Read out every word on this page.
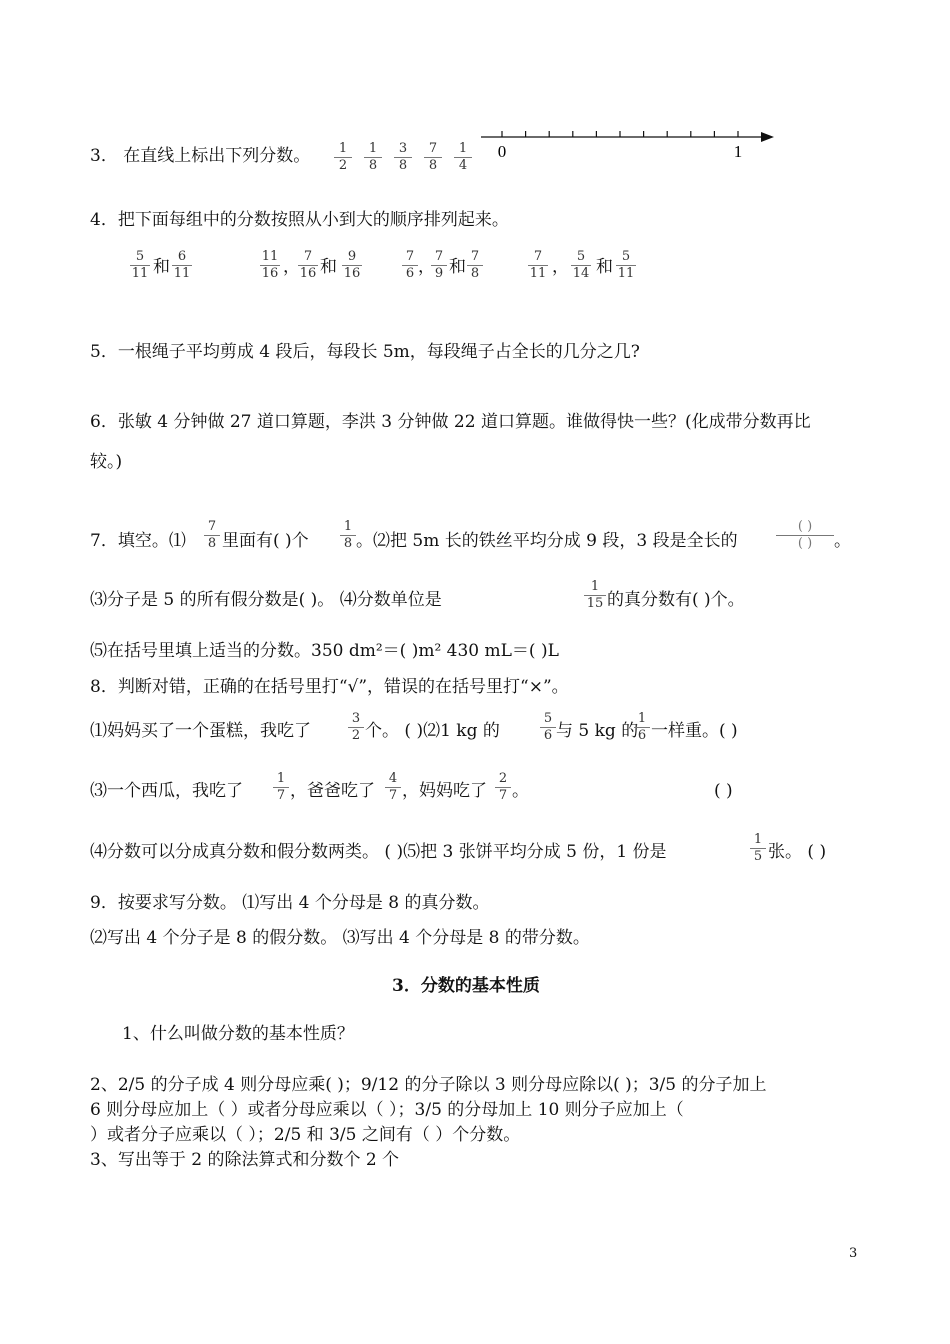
3． 在直线上标出下列分数。	1
2
1
8
3
8
7
8
1
4
0	1
4．把下面每组中的分数按照从小到大的顺序排列起来。
5
11 和
6
11
11
16 ，
7
16 和
9
16
7
6 ，
7
9 和
7
8
7
11 ，
5
14 和
5
11
5．一根绳子平均剪成 4 段后，每段长 5m，每段绳子占全长的几分之几?
6．张敏 4 分钟做 27 道口算题，李洪 3 分钟做 22 道口算题。谁做得快一些？(化成带分数再比
较。)
7．填空。⑴ 里面有( )个	。⑵把 5m 长的铁丝平均分成 9 段，3 段是全长的
( )
( )	。
⑶分子是 5 的所有假分数是( )。 ⑷分数单位是	的真分数有( )个。
⑸在括号里填上适当的分数。350 dm²＝( )m² 430 mL＝( )L
8．判断对错，正确的在括号里打“√”，错误的在括号里打“×”。
⑴妈妈买了一个蛋糕，我吃了	个。 ( )⑵1 kg 的	与 5 kg 的 一样重。( )
⑶一个西瓜，我吃了	，爸爸吃了 ，妈妈吃了 。	( )
⑷分数可以分成真分数和假分数两类。 ( )⑸把 3 张饼平均分成 5 份，1 份是	张。 ( )
7
8
1
8
1
15
3
2
5
6
1
6
1
7
4
7
2
7
1
5
9．按要求写分数。 ⑴写出 4 个分母是 8 的真分数。
⑵写出 4 个分子是 8 的假分数。 ⑶写出 4 个分母是 8 的带分数。
3．分数的基本性质
1、什么叫做分数的基本性质？
2、2/5 的分子成 4 则分母应乘( )；9/12 的分子除以 3 则分母应除以( )；3/5 的分子加上
6 则分母应加上（ ）或者分母应乘以（ ）；3/5 的分母加上 10 则分子应加上（
）或者分子应乘以（ ）；2/5 和 3/5 之间有（ ）个分数。
3、写出等于 2 的除法算式和分数个 2 个
3
